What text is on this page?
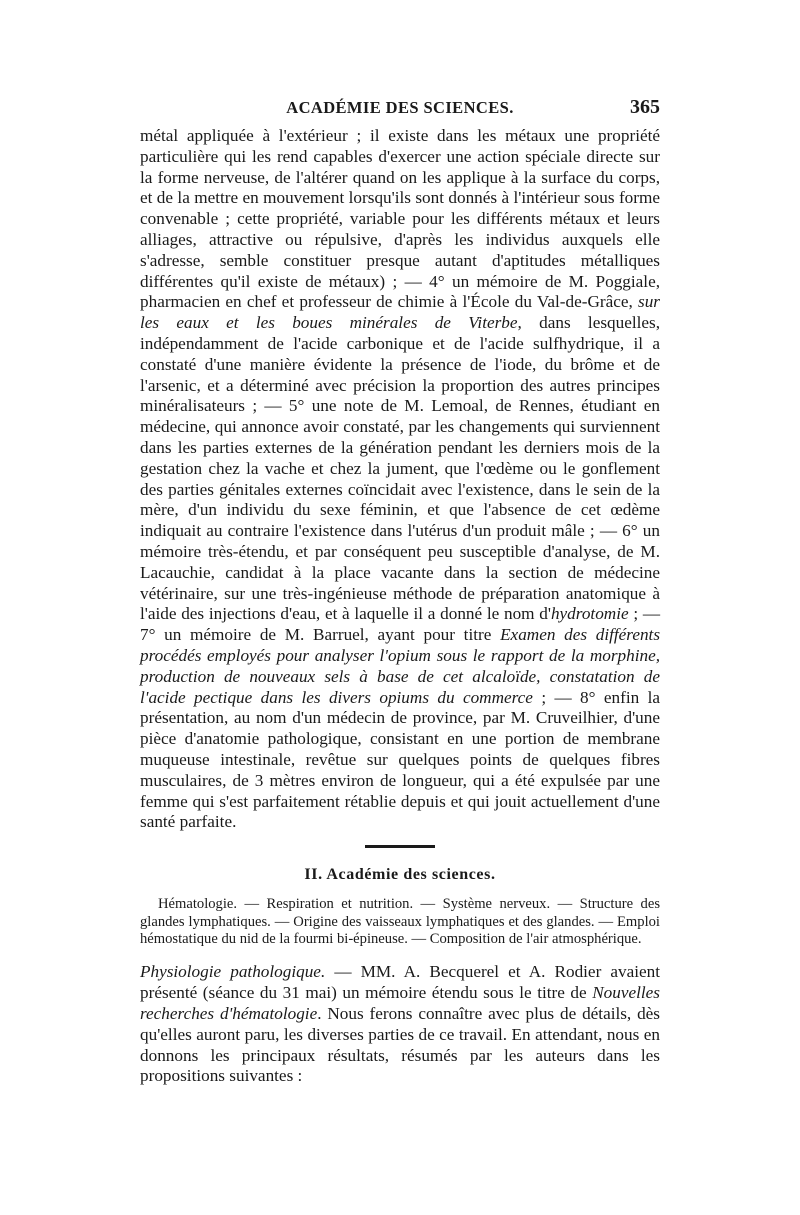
ACADÉMIE DES SCIENCES.	365

métal appliquée à l'extérieur ; il existe dans les métaux une propriété particulière qui les rend capables d'exercer une action spéciale directe sur la forme nerveuse, de l'altérer quand on les applique à la surface du corps, et de la mettre en mouvement lorsqu'ils sont donnés à l'intérieur sous forme convenable ; cette propriété, variable pour les différents métaux et leurs alliages, attractive ou répulsive, d'après les individus auxquels elle s'adresse, semble constituer presque autant d'aptitudes métalliques différentes qu'il existe de métaux) ; — 4° un mémoire de M. Poggiale, pharmacien en chef et professeur de chimie à l'École du Val-de-Grâce, sur les eaux et les boues minérales de Viterbe, dans lesquelles, indépendamment de l'acide carbonique et de l'acide sulfhydrique, il a constaté d'une manière évidente la présence de l'iode, du brôme et de l'arsenic, et a déterminé avec précision la proportion des autres principes minéralisateurs ; — 5° une note de M. Lemoal, de Rennes, étudiant en médecine, qui annonce avoir constaté, par les changements qui surviennent dans les parties externes de la génération pendant les derniers mois de la gestation chez la vache et chez la jument, que l'œdème ou le gonflement des parties génitales externes coïncidait avec l'existence, dans le sein de la mère, d'un individu du sexe féminin, et que l'absence de cet œdème indiquait au contraire l'existence dans l'utérus d'un produit mâle ; — 6° un mémoire très-étendu, et par conséquent peu susceptible d'analyse, de M. Lacauchie, candidat à la place vacante dans la section de médecine vétérinaire, sur une très-ingénieuse méthode de préparation anatomique à l'aide des injections d'eau, et à laquelle il a donné le nom d'hydrotomie ; — 7° un mémoire de M. Barruel, ayant pour titre Examen des différents procédés employés pour analyser l'opium sous le rapport de la morphine, production de nouveaux sels à base de cet alcaloïde, constatation de l'acide pectique dans les divers opiums du commerce ; — 8° enfin la présentation, au nom d'un médecin de province, par M. Cruveilhier, d'une pièce d'anatomie pathologique, consistant en une portion de membrane muqueuse intestinale, revêtue sur quelques points de quelques fibres musculaires, de 3 mètres environ de longueur, qui a été expulsée par une femme qui s'est parfaitement rétablie depuis et qui jouit actuellement d'une santé parfaite.

II. Académie des sciences.

Hématologie. — Respiration et nutrition. — Système nerveux. — Structure des glandes lymphatiques. — Origine des vaisseaux lymphatiques et des glandes. — Emploi hémostatique du nid de la fourmi bi-épineuse. — Composition de l'air atmosphérique.

Physiologie pathologique. — MM. A. Becquerel et A. Rodier avaient présenté (séance du 31 mai) un mémoire étendu sous le titre de Nouvelles recherches d'hématologie. Nous ferons connaître avec plus de détails, dès qu'elles auront paru, les diverses parties de ce travail. En attendant, nous en donnons les principaux résultats, résumés par les auteurs dans les propositions suivantes :
